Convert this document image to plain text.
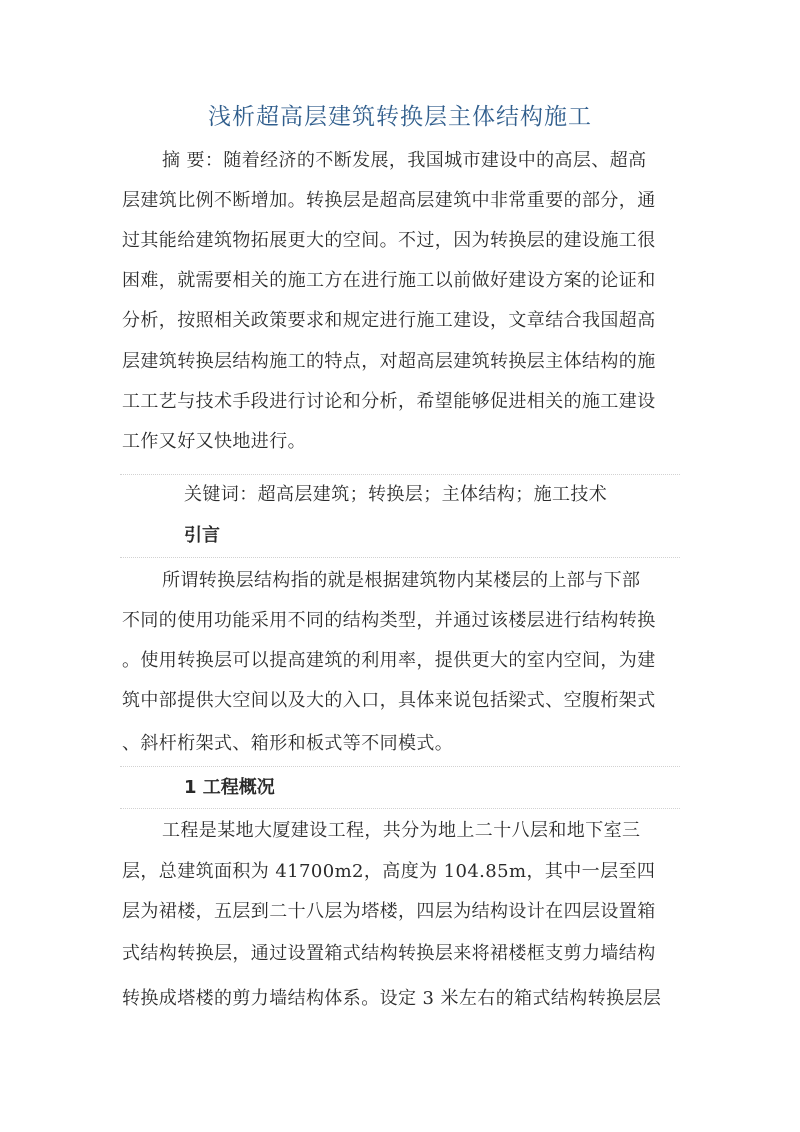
浅析超高层建筑转换层主体结构施工
摘 要：随着经济的不断发展，我国城市建设中的高层、超高
层建筑比例不断增加。转换层是超高层建筑中非常重要的部分，通
过其能给建筑物拓展更大的空间。不过，因为转换层的建设施工很
困难，就需要相关的施工方在进行施工以前做好建设方案的论证和
分析，按照相关政策要求和规定进行施工建设，文章结合我国超高
层建筑转换层结构施工的特点，对超高层建筑转换层主体结构的施
工工艺与技术手段进行讨论和分析，希望能够促进相关的施工建设
工作又好又快地进行。
关键词：超高层建筑；转换层；主体结构；施工技术
引言
所谓转换层结构指的就是根据建筑物内某楼层的上部与下部
不同的使用功能采用不同的结构类型，并通过该楼层进行结构转换
。使用转换层可以提高建筑的利用率，提供更大的室内空间，为建
筑中部提供大空间以及大的入口，具体来说包括梁式、空腹桁架式
、斜杆桁架式、箱形和板式等不同模式。
1 工程概况
工程是某地大厦建设工程，共分为地上二十八层和地下室三
层，总建筑面积为 41700m2，高度为 104.85m，其中一层至四
层为裙楼，五层到二十八层为塔楼，四层为结构设计在四层设置箱
式结构转换层，通过设置箱式结构转换层来将裙楼框支剪力墙结构
转换成塔楼的剪力墙结构体系。设定 3 米左右的箱式结构转换层层
